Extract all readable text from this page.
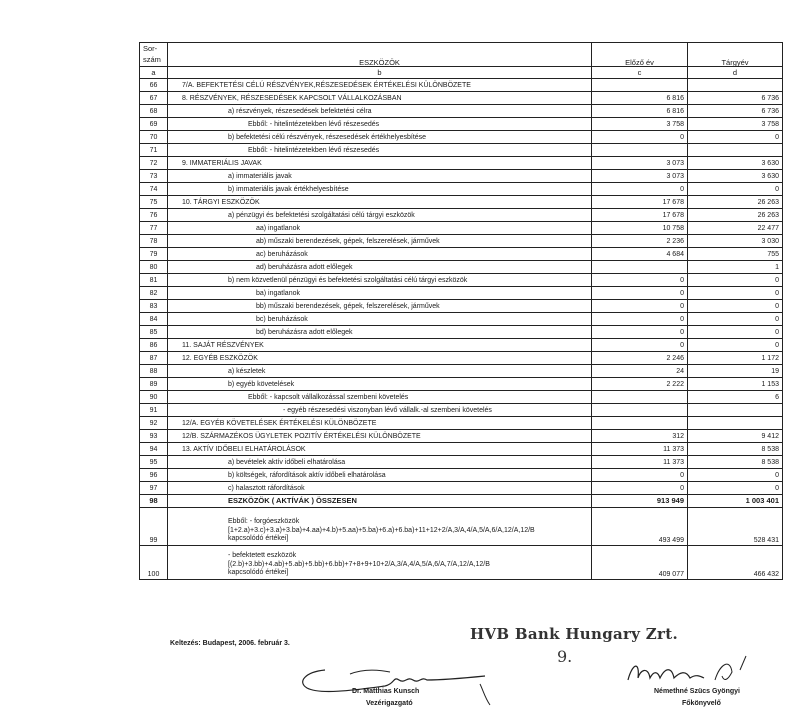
Sor-
szám	ESZKÖZÖK	Előző év	Tárgyév
a	b	c	d
66	7/A. BEFEKTETÉSI CÉLÚ RÉSZVÉNYEK,RÉSZESEDÉSEK ÉRTÉKELÉSI KÜLÖNBÖZETE		
67	8. RÉSZVÉNYEK, RÉSZESEDÉSEK KAPCSOLT VÁLLALKOZÁSBAN	6 816	6 736
68	a) részvények, részesedések befektetési célra	6 816	6 736
69	Ebből: - hitelintézetekben lévő részesedés	3 758	3 758
70	b) befektetési célú részvények, részesedések értékhelyesbítése	0	0
71	Ebből: - hitelintézetekben lévő részesedés		
72	9. IMMATERIÁLIS JAVAK	3 073	3 630
73	a) immateriális javak	3 073	3 630
74	b) immateriális javak értékhelyesbítése	0	0
75	10. TÁRGYI ESZKÖZÖK	17 678	26 263
76	a) pénzügyi és befektetési szolgáltatási célú tárgyi eszközök	17 678	26 263
77	aa) ingatlanok	10 758	22 477
78	ab) műszaki berendezések, gépek, felszerelések, járművek	2 236	3 030
79	ac) beruházások	4 684	755
80	ad) beruházásra adott előlegek		1
81	b) nem közvetlenül pénzügyi és befektetési szolgáltatási célú tárgyi eszközök	0	0
82	ba) ingatlanok	0	0
83	bb) műszaki berendezések, gépek, felszerelések, járművek	0	0
84	bc) beruházások	0	0
85	bd) beruházásra adott előlegek	0	0
86	11. SAJÁT RÉSZVÉNYEK	0	0
87	12. EGYÉB ESZKÖZÖK	2 246	1 172
88	a) készletek	24	19
89	b) egyéb követelések	2 222	1 153
90	Ebből: - kapcsolt vállalkozással szembeni követelés		6
91	- egyéb részesedési viszonyban lévő vállalk.-al szembeni követelés		
92	12/A. EGYÉB KÖVETELÉSEK ÉRTÉKELÉSI KÜLÖNBÖZETE		
93	12/B. SZÁRMAZÉKOS ÜGYLETEK POZITÍV ÉRTÉKELÉSI KÜLÖNBÖZETE	312	9 412
94	13. AKTÍV IDŐBELI ELHATÁROLÁSOK	11 373	8 538
95	a) bevételek aktív időbeli elhatárolása	11 373	8 538
96	b) költségek, ráfordítások aktív időbeli elhatárolása	0	0
97	c) halasztott ráfordítások	0	0
98	ESZKÖZÖK ( AKTÍVÁK ) ÖSSZESEN	913 949	1 003 401
99	Ebből: - forgóeszközök
[1+2.a)+3.c)+3.a)+3.ba)+4.aa)+4.b)+5.aa)+5.ba)+6.a)+6.ba)+11+12+2/A,3/A,4/A,5/A,6/A,12/A,12/B
kapcsolódó értékei]	493 499	528 431
100	- befektetett eszközök
[(2.b)+3.bb)+4.ab)+5.ab)+5.bb)+6.bb)+7+8+9+10+2/A,3/A,4/A,5/A,6/A,7/A,12/A,12/B
kapcsolódó értékei]	409 077	466 432
Keltezés: Budapest, 2006. február 3.
HVB Bank Hungary Zrt.
9.
Dr. Matthias Kunsch
Vezérigazgató
Némethné Szücs Gyöngyi
Főkönyvelő
